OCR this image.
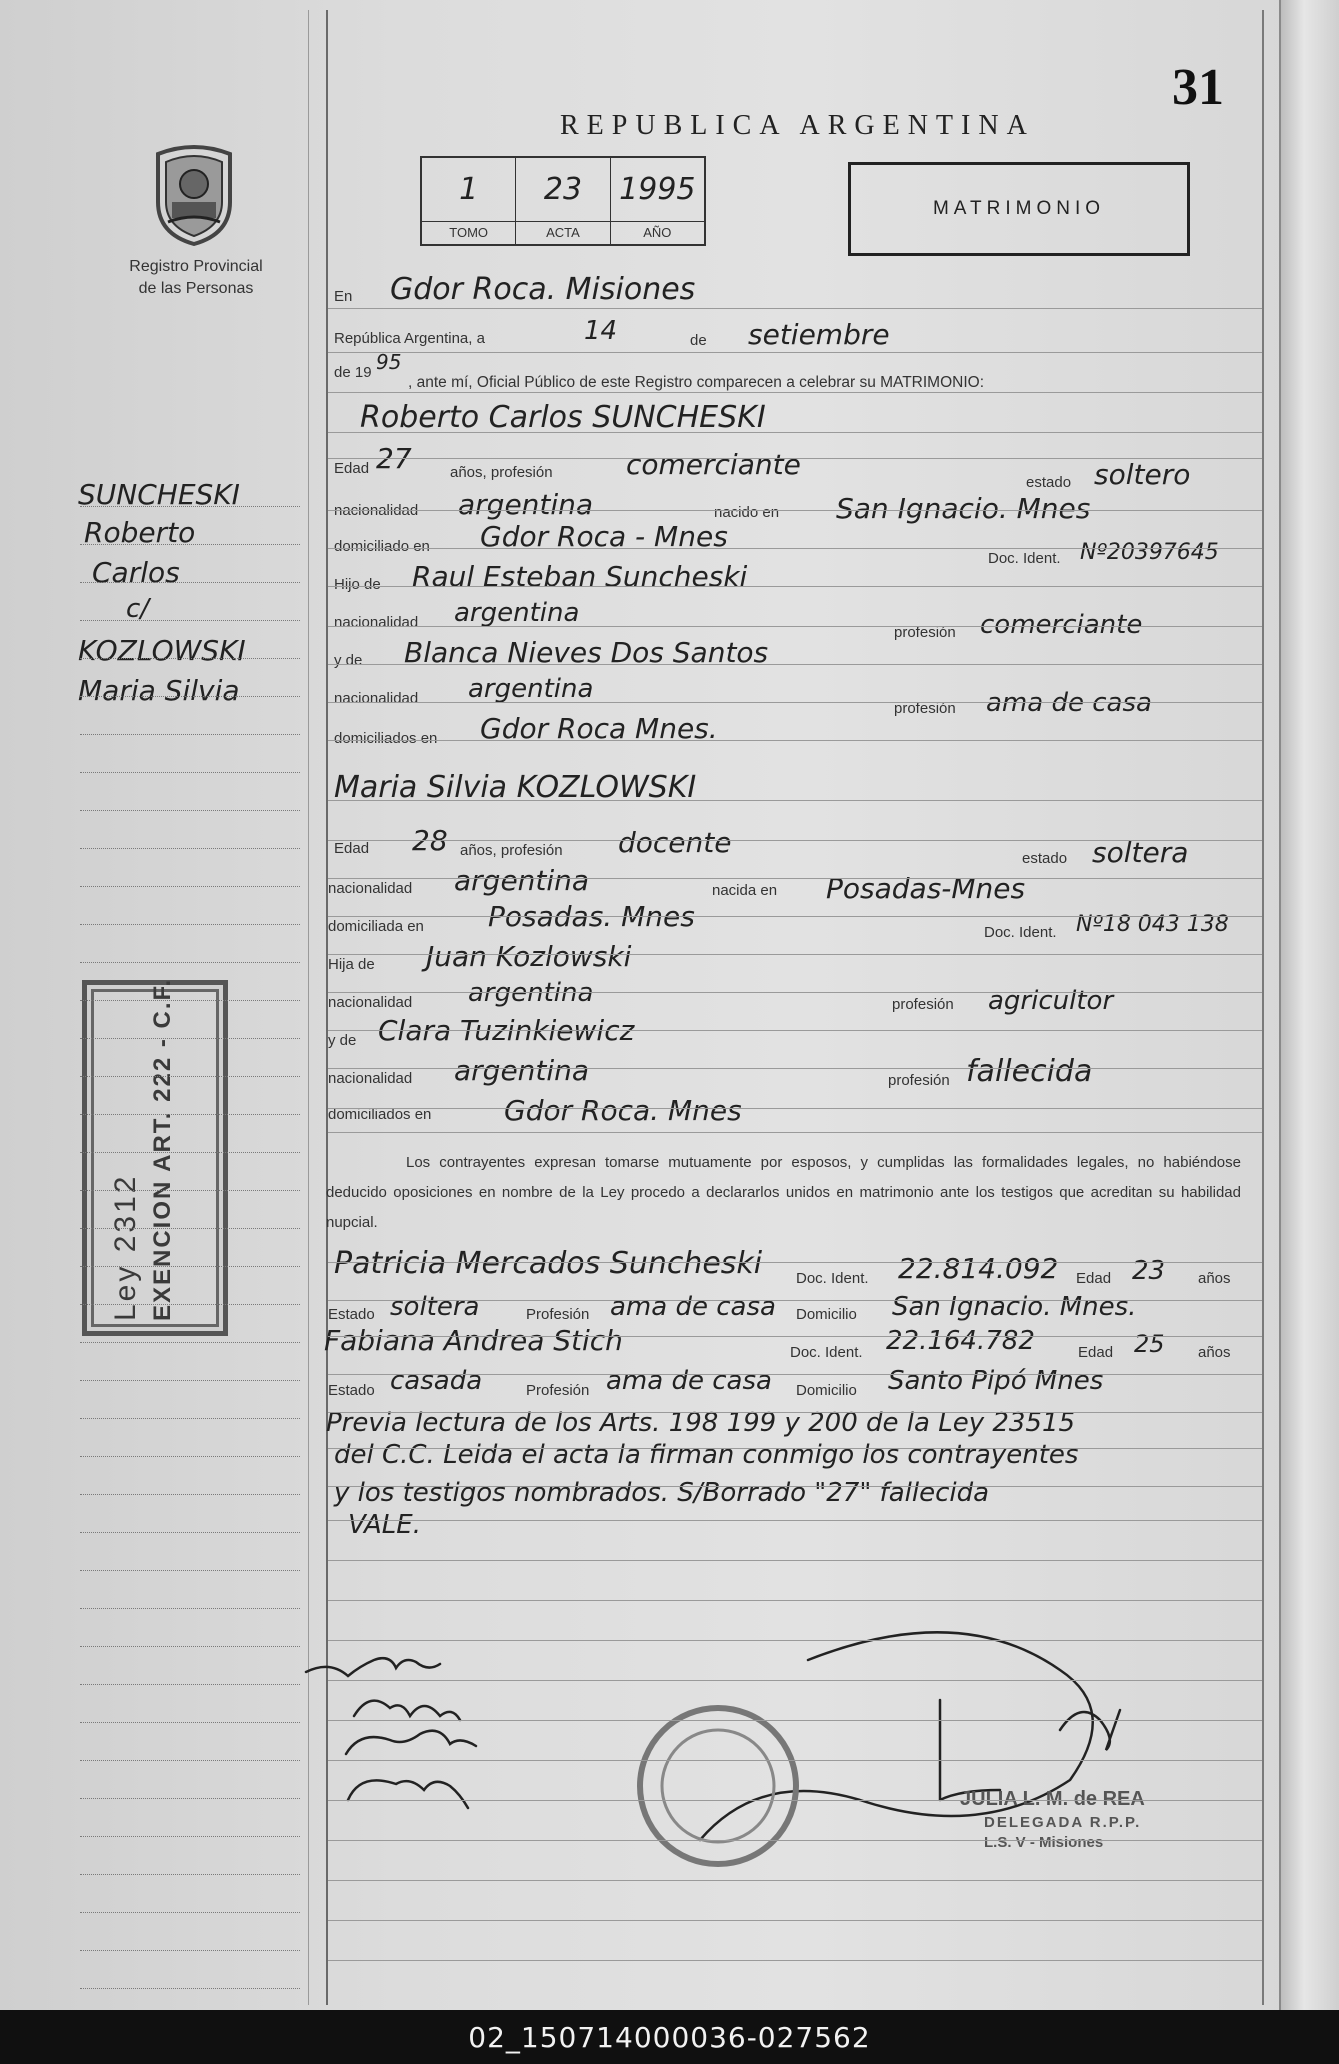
31
REPUBLICA ARGENTINA
Registro Provincial
de las Personas
1
TOMO
23
ACTA
1995
AÑO
MATRIMONIO
En Gdor Roca. Misiones
República Argentina, a	14	de setiembre
de 19 95
, ante mí, Oficial Público de este Registro comparecen a celebrar su MATRIMONIO:
Roberto Carlos SUNCHESKI
Edad 27	años, profesión	comerciante
estado soltero
nacionalidad argentina	nacido en San Ignacio. Mnes
domiciliado en Gdor Roca - Mnes
Doc. Ident. Nº20397645
Hijo de Raul Esteban Suncheski
nacionalidad argentina
profesión comerciante
y de Blanca Nieves Dos Santos
nacionalidad argentina
profesión ama de casa
domiciliados en Gdor Roca Mnes.
Maria Silvia KOZLOWSKI
Edad 28 años, profesión docente	estado soltera
nacionalidad argentina	nacida en Posadas-Mnes
domiciliada en Posadas. Mnes	Doc. Ident. Nº18 043 138
Hija de Juan Kozlowski
nacionalidad argentina	profesión agricultor
y de Clara Tuzinkiewicz
nacionalidad argentina	profesión fallecida
domiciliados en	Gdor Roca. Mnes
Los contrayentes expresan tomarse mutuamente por esposos, y cumplidas las formalidades legales, no habiéndose deducido oposiciones en nombre de la Ley procedo a declararlos unidos en matrimonio ante los testigos que acreditan su habilidad nupcial.
Patricia Mercados Suncheski Doc. Ident. 22.814.092 Edad 23 años
Estado soltera	Profesión ama de casa Domicilio San Ignacio. Mnes.
Fabiana Andrea Stich	Doc. Ident. 22.164.782	Edad 25 años
Estado casada	Profesión ama de casa Domicilio Santo Pipó Mnes
Previa lectura de los Arts. 198 199 y 200 de la Ley 23515
del C.C. Leida el acta la firman conmigo los contrayentes
y los testigos nombrados. S/Borrado "27" fallecida
VALE.
SUNCHESKI
Roberto
Carlos
c/
KOZLOWSKI
Maria Silvia
Ley 2312 EXENCION ART. 222 - C.F.
JULIA L. M. de REA
DELEGADA R.P.P.
L.S. V - Misiones
02_150714000036-027562
